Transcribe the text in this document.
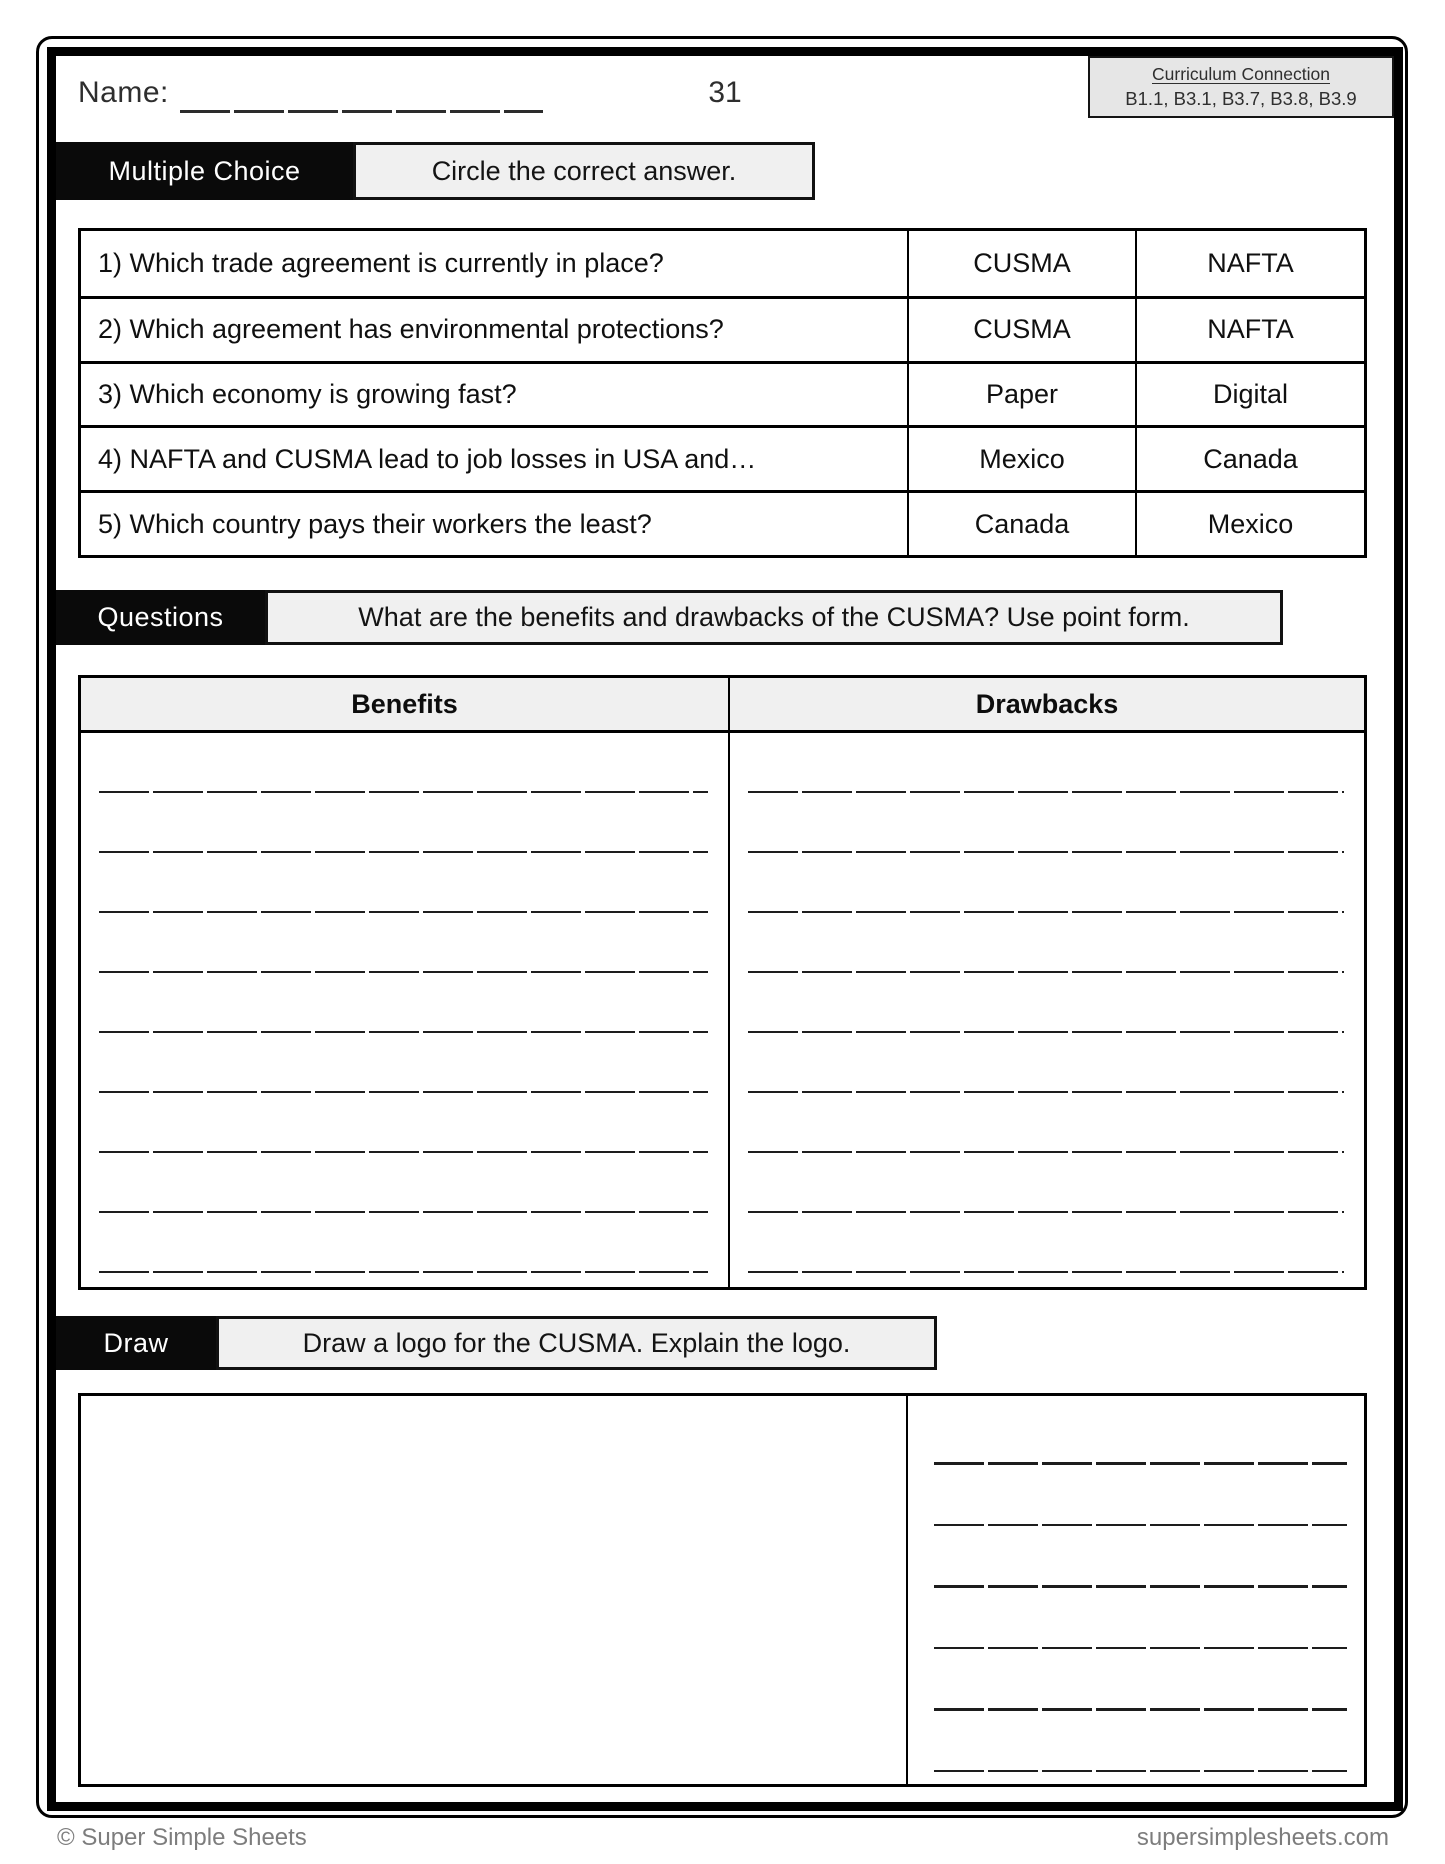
Name:	31
Curriculum Connection
B1.1, B3.1, B3.7, B3.8, B3.9
Multiple Choice	Circle the correct answer.
1) Which trade agreement is currently in place?	CUSMA	NAFTA
2) Which agreement has environmental protections?	CUSMA	NAFTA
3) Which economy is growing fast?	Paper	Digital
4) NAFTA and CUSMA lead to job losses in USA and…	Mexico	Canada
5) Which country pays their workers the least?	Canada	Mexico
Questions	What are the benefits and drawbacks of the CUSMA? Use point form.
Benefits	Drawbacks
Draw	Draw a logo for the CUSMA. Explain the logo.
© Super Simple Sheets	supersimplesheets.com
